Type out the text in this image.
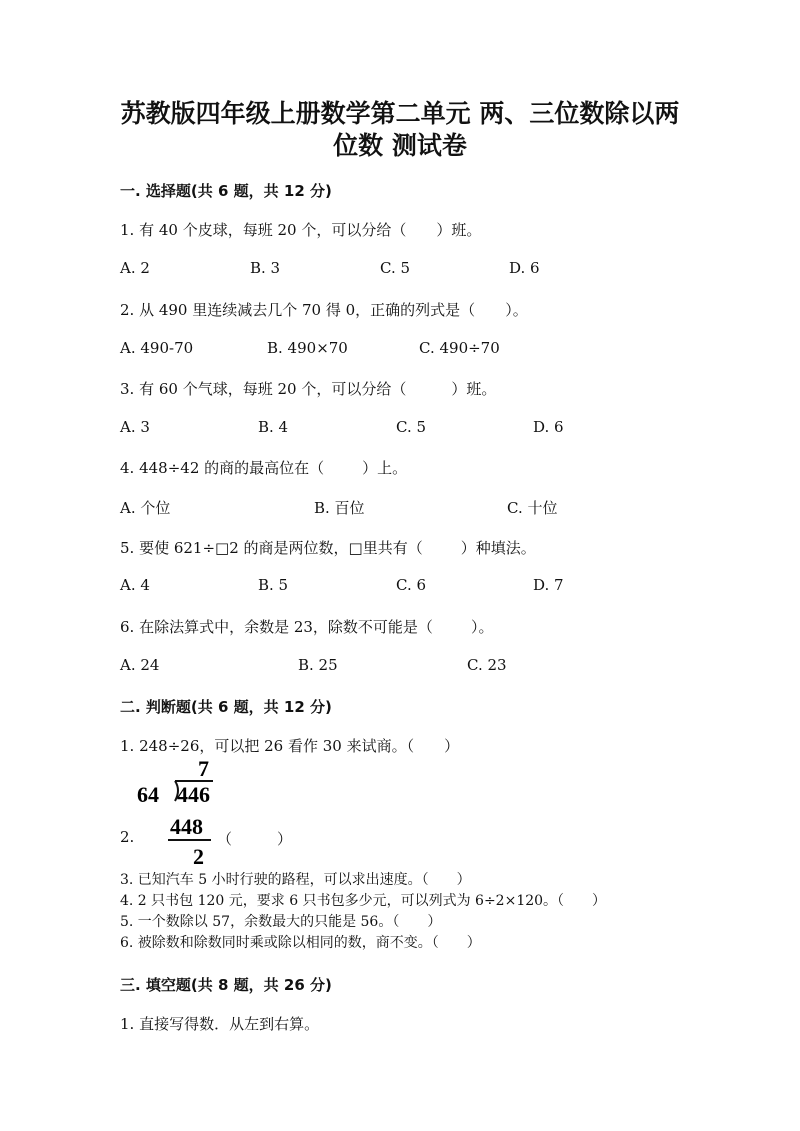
苏教版四年级上册数学第二单元 两、三位数除以两
位数 测试卷
一. 选择题(共 6 题，共 12 分)
1. 有 40 个皮球，每班 20 个，可以分给（ ）班。
A. 2	B. 3	C. 5	D. 6
2. 从 490 里连续减去几个 70 得 0，正确的列式是（ ）。
A. 490-70	B. 490×70	C. 490÷70
3. 有 60 个气球，每班 20 个，可以分给（	）班。
A. 3	B. 4	C. 5	D. 6
4. 448÷42 的商的最高位在（	）上。
A. 个位	B. 百位	C. 十位
5. 要使 621÷□2 的商是两位数，□里共有（	）种填法。
A. 4	B. 5	C. 6	D. 7
6. 在除法算式中，余数是 23，除数不可能是（	）。
A. 24	B. 25	C. 23
二. 判断题(共 6 题，共 12 分)
1. 248÷26，可以把 26 看作 30 来试商。（　　）
7
64 446
448
2
2.	（　　　）
3. 已知汽车 5 小时行驶的路程，可以求出速度。（　　）
4. 2 只书包 120 元，要求 6 只书包多少元，可以列式为 6÷2×120。（　　）
5. 一个数除以 57，余数最大的只能是 56。（　　）
6. 被除数和除数同时乘或除以相同的数，商不变。（　　）
三. 填空题(共 8 题，共 26 分)
1. 直接写得数．从左到右算。
